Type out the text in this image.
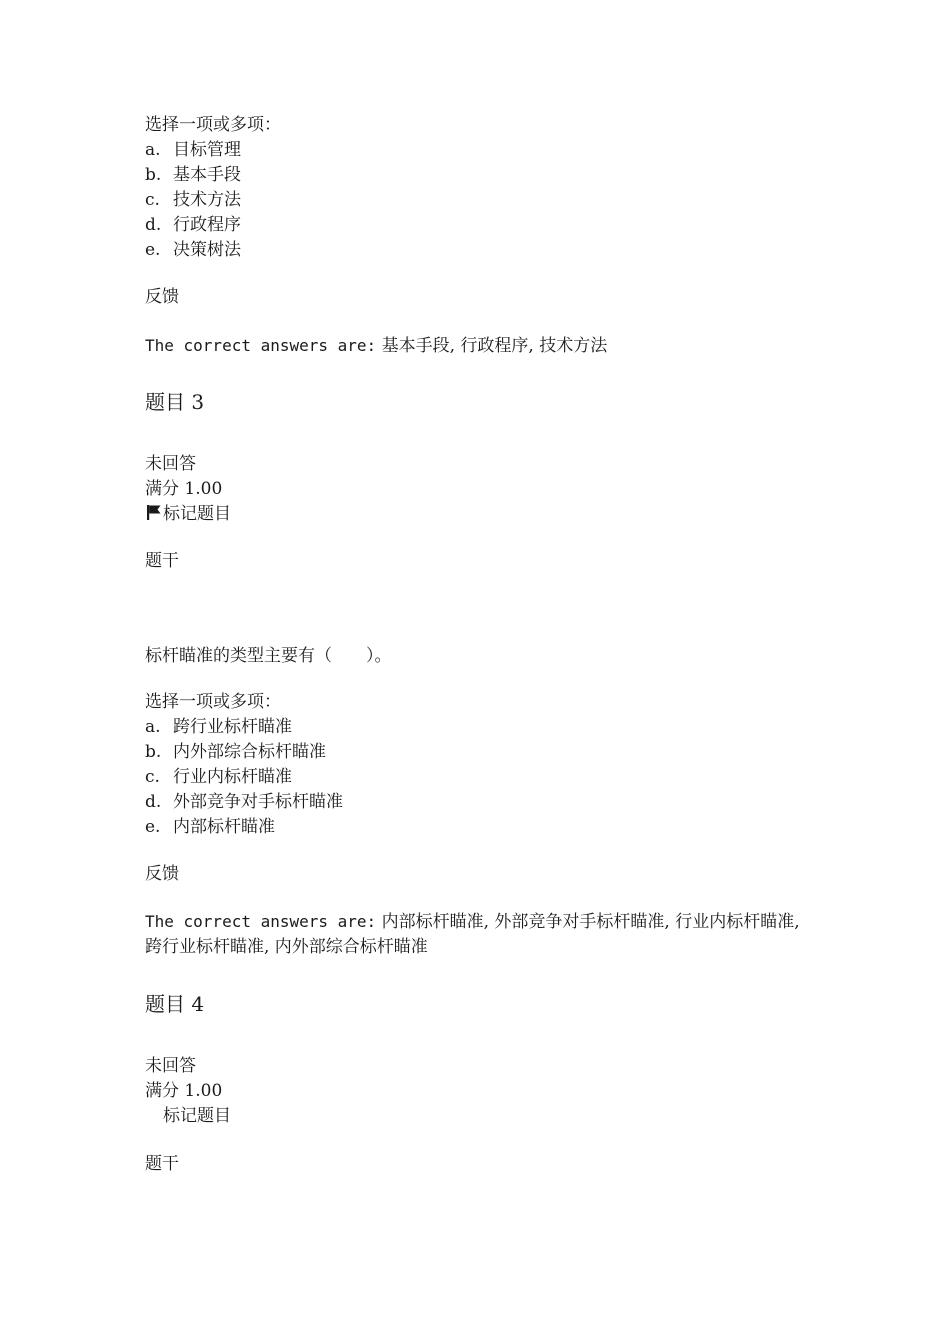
选择一项或多项：
a. 目标管理
b. 基本手段
c. 技术方法
d. 行政程序
e. 决策树法
反馈
The correct answers are: 基本手段, 行政程序, 技术方法
题目 3
未回答
满分 1.00
标记题目
题干
标杆瞄准的类型主要有（　　）。
选择一项或多项：
a. 跨行业标杆瞄准
b. 内外部综合标杆瞄准
c. 行业内标杆瞄准
d. 外部竞争对手标杆瞄准
e. 内部标杆瞄准
反馈
The correct answers are: 内部标杆瞄准, 外部竞争对手标杆瞄准, 行业内标杆瞄准, 跨行业标杆瞄准, 内外部综合标杆瞄准
题目 4
未回答
满分 1.00
标记题目
题干
